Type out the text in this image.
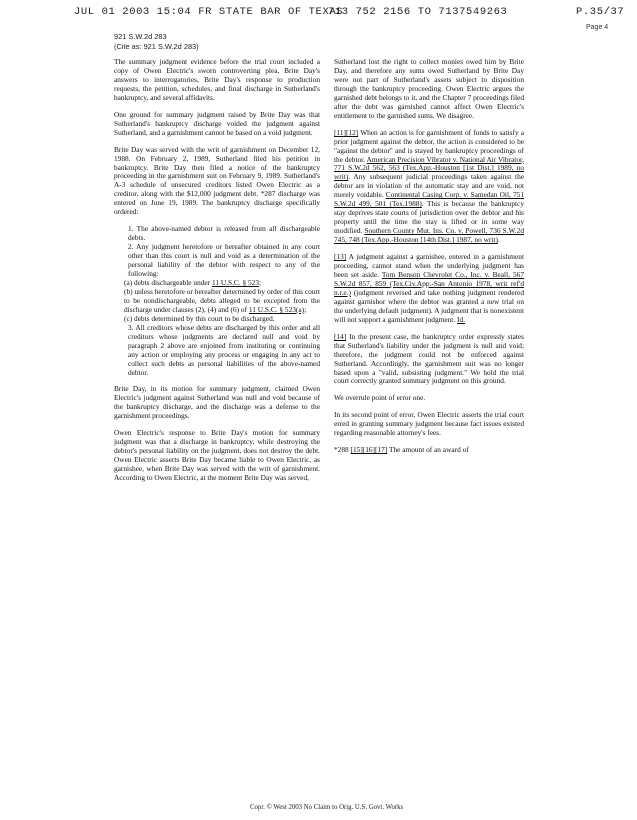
JUL 01 2003 15:04 FR STATE BAR OF TEXAS
713 752 2156 TO 7137549263	P.35/37
Page 4
921 S.W.2d 283
(Cite as: 921 S.W.2d 283)

The summary judgment evidence before the trial court included a copy of Owen Electric's sworn controverting plea, Brite Day's answers to interrogatories, Brite Day's response to production requests, the petition, schedules, and final discharge in Sutherland's bankruptcy, and several affidavits.

One ground for summary judgment raised by Brite Day was that Sutherland's bankruptcy discharge voided the judgment against Sutherland, and a garnishment cannot be based on a void judgment.

Brite Day was served with the writ of garnishment on December 12, 1988. On February 2, 1989, Sutherland filed his petition in bankruptcy. Brite Day then filed a notice of the bankruptcy proceeding in the garnishment suit on February 9, 1989. Sutherland's A-3 schedule of unsecured creditors listed Owen Electric as a creditor, along with the $12,000 judgment debt. *287 discharge was entered on June 19, 1989. The bankruptcy discharge specifically ordered:

1. The above-named debtor is released from all dischargeable debts.
2. Any judgment heretofore or hereafter obtained in any court other than this court is null and void as a determination of the personal liability of the debtor with respect to any of the following:
(a) debts dischargeable under 11 U.S.C. § 523;
(b) unless heretofore or hereafter determined by order of this court to be nondischargeable, debts alleged to be excepted from the discharge under clauses (2), (4) and (6) of 11 U.S.C. § 523(a);
(c) debts determined by this court to be discharged.
3. All creditors whose debts are discharged by this order and all creditors whose judgments are declared null and void by paragraph 2 above are enjoined from instituting or continuing any action or employing any process or engaging in any act to collect such debts as personal liabilities of the above-named debtor.

Brite Day, in its motion for summary judgment, claimed Owen Electric's judgment against Sutherland was null and void because of the bankruptcy discharge, and the discharge was a defense to the garnishment proceedings.

Owen Electric's response to Brite Day's motion for summary judgment was that a discharge in bankruptcy, while destroying the debtor's personal liability on the judgment, does not destroy the debt. Owen Electric asserts Brite Day became liable to Owen Electric, as garnishee, when Brite Day was served with the writ of garnishment. According to Owen Electric, at the moment Brite Day was served,

Sutherland lost the right to collect monies owed him by Brite Day, and therefore any sums owed Sutherland by Brite Day were not part of Sutherland's assets subject to disposition through the bankruptcy proceeding. Owen Electric argues the garnished debt belongs to it, and the Chapter 7 proceedings filed after the debt was garnished cannot affect Owen Electric's entitlement to the garnished sums. We disagree.

[11][12] When an action is for garnishment of funds to satisfy a prior judgment against the debtor, the action is considered to be "against the debtor" and is stayed by bankruptcy proceedings of the debtor. American Precision Vibrator v. National Air Vibrator, 771 S.W.2d 562, 563 (Tex.App.-Houston [1st Dist.] 1989, no writ). Any subsequent judicial proceedings taken against the debtor are in violation of the automatic stay and are void, not merely voidable. Continental Casing Corp. v. Samedan Oil, 751 S.W.2d 499, 501 (Tex.1988). This is because the bankruptcy stay deprives state courts of jurisdiction over the debtor and his property until the time the stay is lifted or in some way modified. Southern County Mut. Ins. Co. v. Powell, 736 S.W.2d 745, 748 (Tex.App.-Houston [14th Dist.] 1987, no writ).

[13] A judgment against a garnishee, entered in a garnishment proceeding, cannot stand when the underlying judgment has been set aside. Tom Benson Chevrolet Co., Inc. v. Beall, 567 S.W.2d 857, 859 (Tex.Civ.App.-San Antonio 1978, writ ref'd n.r.e.) (judgment reversed and take nothing judgment rendered against garnishor where the debtor was granted a new trial on the underlying default judgment). A judgment that is nonexistent will not support a garnishment judgment. Id.

[14] In the present case, the bankruptcy order expressly states that Sutherland's liability under the judgment is null and void; therefore, the judgment could not be enforced against Sutherland. Accordingly, the garnishment suit was no longer based upon a "valid, subsisting judgment." We hold the trial court correctly granted summary judgment on this ground.

We overrule point of error one.

In its second point of error, Owen Electric asserts the trial court erred in granting summary judgment because fact issues existed regarding reasonable attorney's fees.

*288 [15][16][17] The amount of an award of

Copr. © West 2003 No Claim to Orig. U.S. Govt. Works
